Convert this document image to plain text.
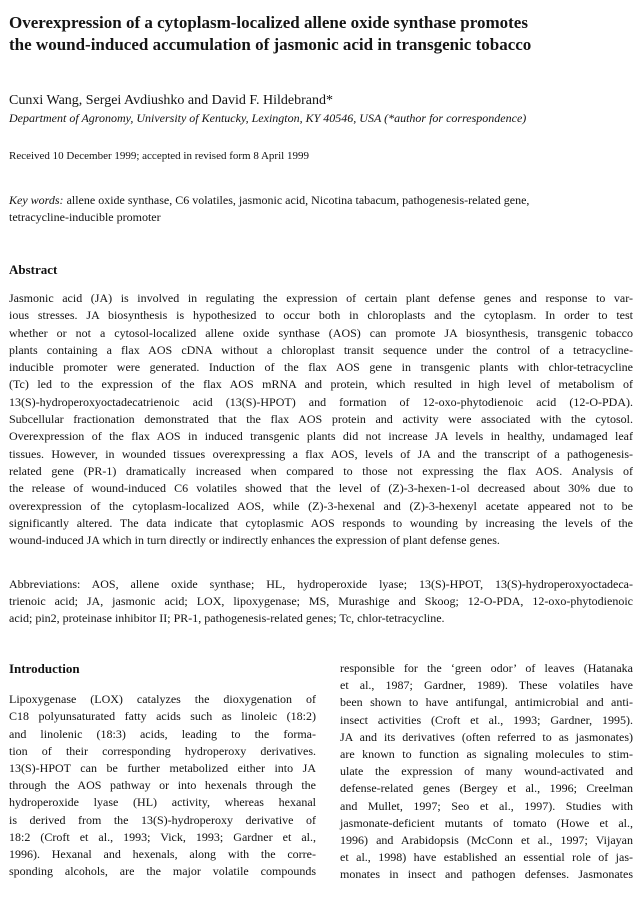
Overexpression of a cytoplasm-localized allene oxide synthase promotes
the wound-induced accumulation of jasmonic acid in transgenic tobacco
Cunxi Wang, Sergei Avdiushko and David F. Hildebrand*
Department of Agronomy, University of Kentucky, Lexington, KY 40546, USA (*author for correspondence)
Received 10 December 1999; accepted in revised form 8 April 1999
Key words: allene oxide synthase, C6 volatiles, jasmonic acid, Nicotina tabacum, pathogenesis-related gene,
tetracycline-inducible promoter
Abstract
Jasmonic acid (JA) is involved in regulating the expression of certain plant defense genes and response to var-
ious stresses. JA biosynthesis is hypothesized to occur both in chloroplasts and the cytoplasm. In order to test
whether or not a cytosol-localized allene oxide synthase (AOS) can promote JA biosynthesis, transgenic tobacco
plants containing a flax AOS cDNA without a chloroplast transit sequence under the control of a tetracycline-
inducible promoter were generated. Induction of the flax AOS gene in transgenic plants with chlor-tetracycline
(Tc) led to the expression of the flax AOS mRNA and protein, which resulted in high level of metabolism of
13(S)-hydroperoxyoctadecatrienoic acid (13(S)-HPOT) and formation of 12-oxo-phytodienoic acid (12-O-PDA).
Subcellular fractionation demonstrated that the flax AOS protein and activity were associated with the cytosol.
Overexpression of the flax AOS in induced transgenic plants did not increase JA levels in healthy, undamaged leaf
tissues. However, in wounded tissues overexpressing a flax AOS, levels of JA and the transcript of a pathogenesis-
related gene (PR-1) dramatically increased when compared to those not expressing the flax AOS. Analysis of
the release of wound-induced C6 volatiles showed that the level of (Z)-3-hexen-1-ol decreased about 30% due to
overexpression of the cytoplasm-localized AOS, while (Z)-3-hexenal and (Z)-3-hexenyl acetate appeared not to be
significantly altered. The data indicate that cytoplasmic AOS responds to wounding by increasing the levels of the
wound-induced JA which in turn directly or indirectly enhances the expression of plant defense genes.
Abbreviations: AOS, allene oxide synthase; HL, hydroperoxide lyase; 13(S)-HPOT, 13(S)-hydroperoxyoctadeca-
trienoic acid; JA, jasmonic acid; LOX, lipoxygenase; MS, Murashige and Skoog; 12-O-PDA, 12-oxo-phytodienoic
acid; pin2, proteinase inhibitor II; PR-1, pathogenesis-related genes; Tc, chlor-tetracycline.
Introduction
Lipoxygenase (LOX) catalyzes the dioxygenation of
C18 polyunsaturated fatty acids such as linoleic (18:2)
and linolenic (18:3) acids, leading to the forma-
tion of their corresponding hydroperoxy derivatives.
13(S)-HPOT can be further metabolized either into JA
through the AOS pathway or into hexenals through the
hydroperoxide lyase (HL) activity, whereas hexanal
is derived from the 13(S)-hydroperoxy derivative of
18:2 (Croft et al., 1993; Vick, 1993; Gardner et al.,
1996). Hexanal and hexenals, along with the corre-
sponding alcohols, are the major volatile compounds
responsible for the ‘green odor’ of leaves (Hatanaka
et al., 1987; Gardner, 1989). These volatiles have
been shown to have antifungal, antimicrobial and anti-
insect activities (Croft et al., 1993; Gardner, 1995).
JA and its derivatives (often referred to as jasmonates)
are known to function as signaling molecules to stim-
ulate the expression of many wound-activated and
defense-related genes (Bergey et al., 1996; Creelman
and Mullet, 1997; Seo et al., 1997). Studies with
jasmonate-deficient mutants of tomato (Howe et al.,
1996) and Arabidopsis (McConn et al., 1997; Vijayan
et al., 1998) have established an essential role of jas-
monates in insect and pathogen defenses. Jasmonates
